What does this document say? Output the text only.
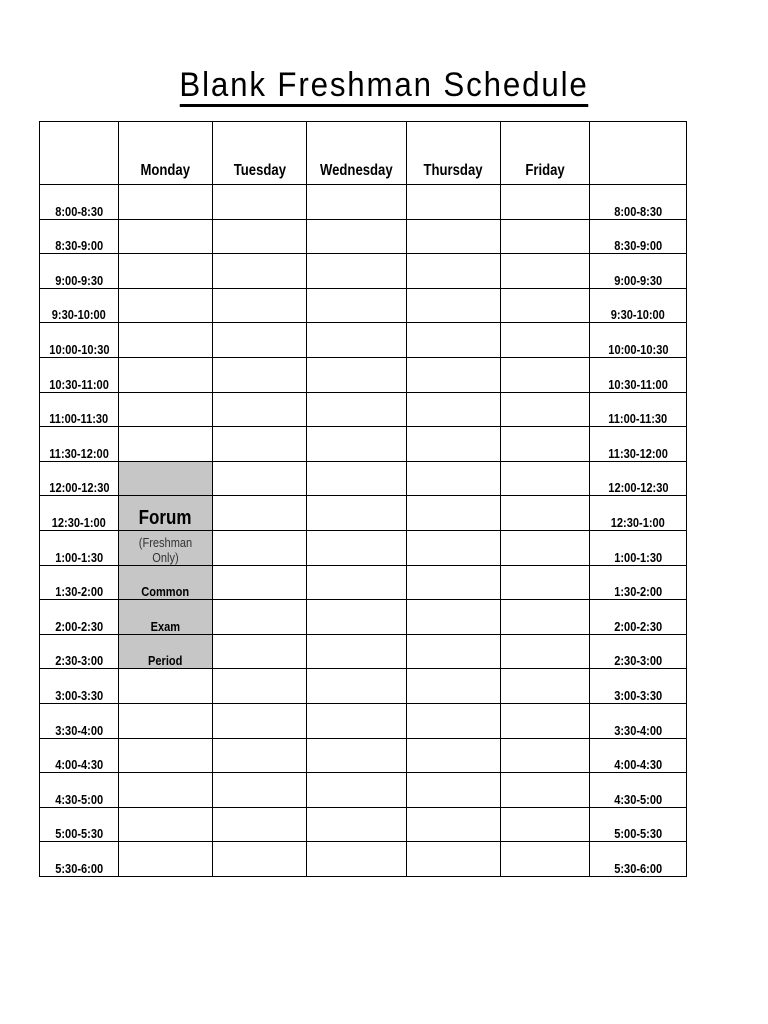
Blank Freshman Schedule
	Monday	Tuesday	Wednesday	Thursday	Friday	
8:00-8:30						8:00-8:30
8:30-9:00						8:30-9:00
9:00-9:30						9:00-9:30
9:30-10:00						9:30-10:00
10:00-10:30						10:00-10:30
10:30-11:00						10:30-11:00
11:00-11:30						11:00-11:30
11:30-12:00						11:30-12:00
12:00-12:30						12:00-12:30
12:30-1:00	Forum					12:30-1:00
1:00-1:30	(Freshman Only)					1:00-1:30
1:30-2:00	Common					1:30-2:00
2:00-2:30	Exam					2:00-2:30
2:30-3:00	Period					2:30-3:00
3:00-3:30						3:00-3:30
3:30-4:00						3:30-4:00
4:00-4:30						4:00-4:30
4:30-5:00						4:30-5:00
5:00-5:30						5:00-5:30
5:30-6:00						5:30-6:00
